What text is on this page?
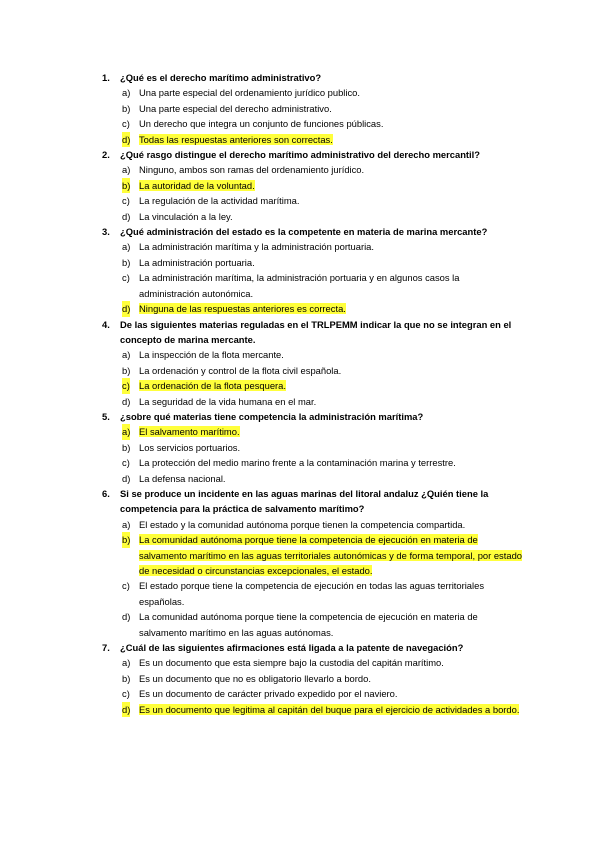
1. ¿Qué es el derecho marítimo administrativo?
a) Una parte especial del ordenamiento jurídico publico.
b) Una parte especial del derecho administrativo.
c) Un derecho que integra un conjunto de funciones públicas.
d) Todas las respuestas anteriores son correctas.
2. ¿Qué rasgo distingue el derecho marítimo administrativo del derecho mercantil?
a) Ninguno, ambos son ramas del ordenamiento jurídico.
b) La autoridad de la voluntad.
c) La regulación de la actividad marítima.
d) La vinculación a la ley.
3. ¿Qué administración del estado es la competente en materia de marina mercante?
a) La administración marítima y la administración portuaria.
b) La administración portuaria.
c) La administración marítima, la administración portuaria y en algunos casos la administración autonómica.
d) Ninguna de las respuestas anteriores es correcta.
4. De las siguientes materias reguladas en el TRLPEMM indicar la que no se integran en el concepto de marina mercante.
a) La inspección de la flota mercante.
b) La ordenación y control de la flota civil española.
c) La ordenación de la flota pesquera.
d) La seguridad de la vida humana en el mar.
5. ¿sobre qué materias tiene competencia la administración marítima?
a) El salvamento marítimo.
b) Los servicios portuarios.
c) La protección del medio marino frente a la contaminación marina y terrestre.
d) La defensa nacional.
6. Si se produce un incidente en las aguas marinas del litoral andaluz ¿Quién tiene la competencia para la práctica de salvamento marítimo?
a) El estado y la comunidad autónoma porque tienen la competencia compartida.
b) La comunidad autónoma porque tiene la competencia de ejecución en materia de salvamento marítimo en las aguas territoriales autonómicas y de forma temporal, por estado de necesidad o circunstancias excepcionales, el estado.
c) El estado porque tiene la competencia de ejecución en todas las aguas territoriales españolas.
d) La comunidad autónoma porque tiene la competencia de ejecución en materia de salvamento marítimo en las aguas autónomas.
7. ¿Cuál de las siguientes afirmaciones está ligada a la patente de navegación?
a) Es un documento que esta siempre bajo la custodia del capitán marítimo.
b) Es un documento que no es obligatorio llevarlo a bordo.
c) Es un documento de carácter privado expedido por el naviero.
d) Es un documento que legitima al capitán del buque para el ejercicio de actividades a bordo.
